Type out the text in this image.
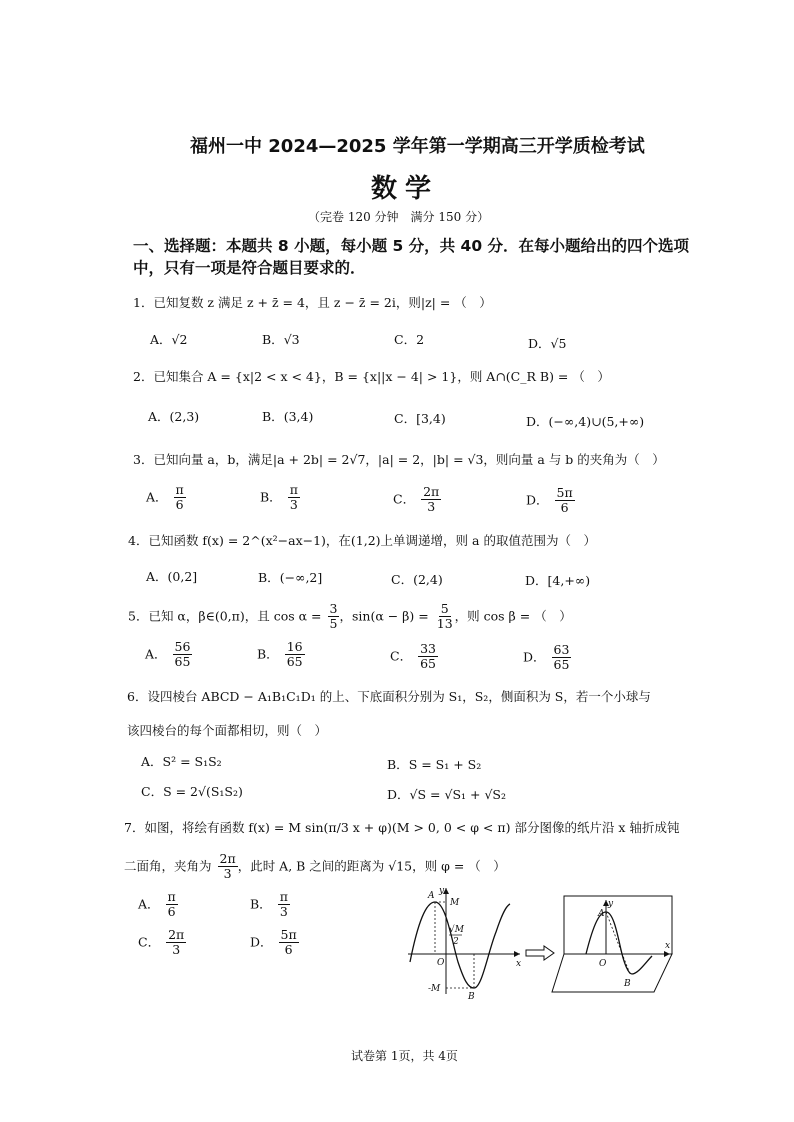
福州一中 2024—2025 学年第一学期高三开学质检考试
数学
（完卷 120 分钟　满分 150 分）
一、选择题：本题共 8 小题，每小题 5 分，共 40 分．在每小题给出的四个选项
中，只有一项是符合题目要求的．
1．已知复数 z 满足 z + z̄ = 4，且 z − z̄ = 2i，则|z| = （　）
A．√2	B．√3	C．2	D．√5
2．已知集合 A = {x|2 < x < 4}，B = {x||x − 4| > 1}，则 A∩(C_R B) = （　）
A．(2,3)	B．(3,4)	C．[3,4)	D．(−∞,4)∪(5,+∞)
3．已知向量 a，b，满足|a + 2b| = 2√7，|a| = 2，|b| = √3，则向量 a 与 b 的夹角为（　）
A． $\frac{\pi}{6}$	B． $\frac{\pi}{3}$	C． $\frac{2\pi}{3}$	D． $\frac{5\pi}{6}$
4．已知函数 f(x) = 2^(x²−ax−1)，在(1,2)上单调递增，则 a 的取值范围为（　）
A．(0,2]	B．(−∞,2]	C．(2,4)	D．[4,+∞)
5．已知 α，β∈(0,π)，且 $\cos \alpha = \frac{3}{5}$ ，$\sin(\alpha - \beta) = \frac{5}{13}$ ，则 cos β = （　）
A． $\frac{56}{65}$	B． $\frac{16}{65}$	C． $\frac{33}{65}$	D． $\frac{63}{65}$
6．设四棱台 ABCD − A₁B₁C₁D₁ 的上、下底面积分别为 S₁，S₂，侧面积为 S，若一个小球与
该四棱台的每个面都相切，则（　）
A．S² = S₁S₂	B．S = S₁ + S₂
C．S = 2√(S₁S₂)	D．√S = √S₁ + √S₂
7．如图，将绘有函数 f(x) = M sin(π/3 x + φ)(M > 0, 0 < φ < π) 部分图像的纸片沿 x 轴折成钝
二面角，夹角为 $\frac{2\pi}{3}$ ，此时 A, B 之间的距离为 √15，则 φ = （　）
A． $\frac{\pi}{6}$	B． $\frac{\pi}{3}$
C． $\frac{2\pi}{3}$	D． $\frac{5\pi}{6}$
y
x
A
M
√M
2
O
-M
B
y
x
A
O
B
试卷第 1页，共 4页
